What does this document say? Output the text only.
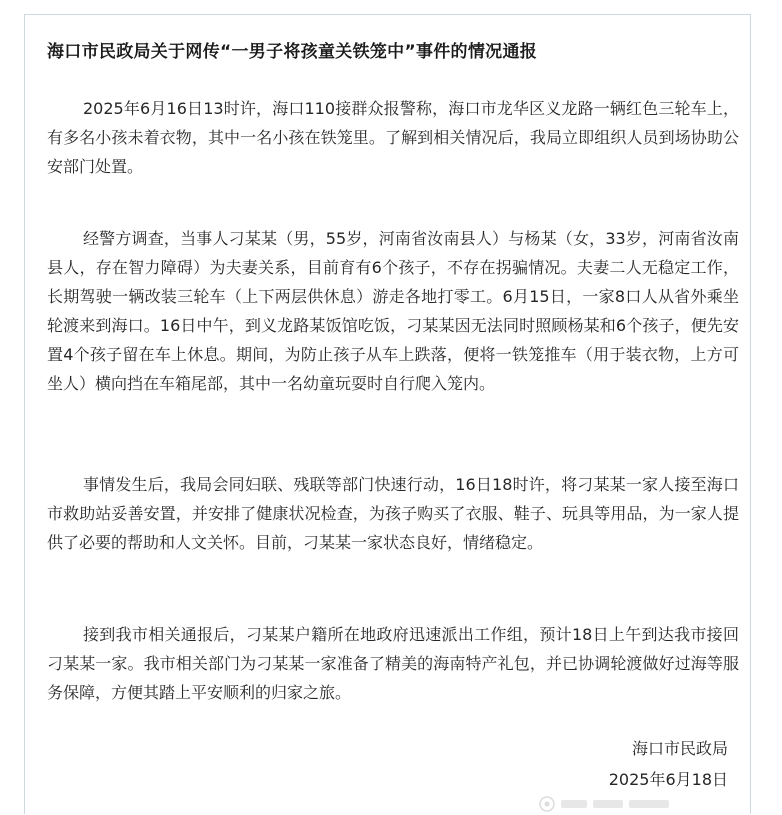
海口市民政局关于网传“一男子将孩童关铁笼中”事件的情况通报

2025年6月16日13时许，海口110接群众报警称，海口市龙华区义龙路一辆红色三轮车上，有多名小孩未着衣物，其中一名小孩在铁笼里。了解到相关情况后，我局立即组织人员到场协助公安部门处置。

经警方调查，当事人刁某某（男，55岁，河南省汝南县人）与杨某（女，33岁，河南省汝南县人，存在智力障碍）为夫妻关系，目前育有6个孩子，不存在拐骗情况。夫妻二人无稳定工作，长期驾驶一辆改装三轮车（上下两层供休息）游走各地打零工。6月15日，一家8口人从省外乘坐轮渡来到海口。16日中午，到义龙路某饭馆吃饭，刁某某因无法同时照顾杨某和6个孩子，便先安置4个孩子留在车上休息。期间，为防止孩子从车上跌落，便将一铁笼推车（用于装衣物，上方可坐人）横向挡在车箱尾部，其中一名幼童玩耍时自行爬入笼内。

事情发生后，我局会同妇联、残联等部门快速行动，16日18时许，将刁某某一家人接至海口市救助站妥善安置，并安排了健康状况检查，为孩子购买了衣服、鞋子、玩具等用品，为一家人提供了必要的帮助和人文关怀。目前，刁某某一家状态良好，情绪稳定。

接到我市相关通报后，刁某某户籍所在地政府迅速派出工作组，预计18日上午到达我市接回刁某某一家。我市相关部门为刁某某一家准备了精美的海南特产礼包，并已协调轮渡做好过海等服务保障，方便其踏上平安顺利的归家之旅。

海口市民政局
2025年6月18日
